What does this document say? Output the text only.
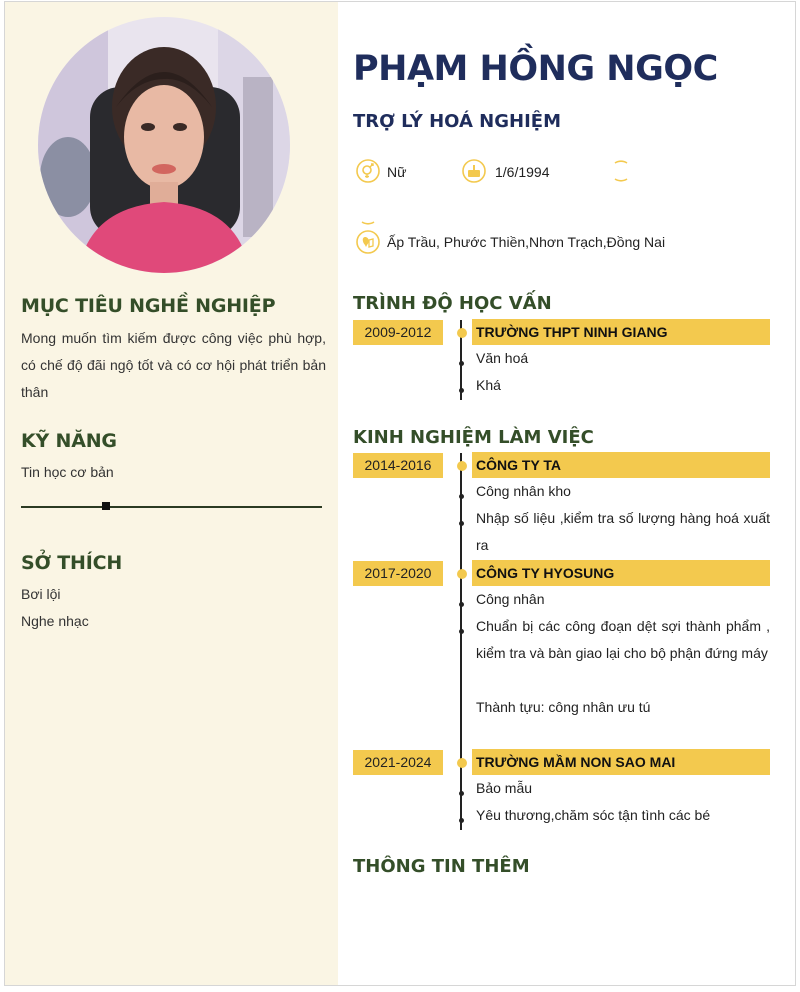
MỤC TIÊU NGHỀ NGHIỆP
Mong muốn tìm kiếm được công việc phù hợp, có chế độ đãi ngộ tốt và có cơ hội phát triển bản thân
KỸ NĂNG
Tin học cơ bản
SỞ THÍCH
Bơi lội
Nghe nhạc
PHẠM HỒNG NGỌC
TRỢ LÝ HOÁ NGHIỆM
Nữ	1/6/1994
Ấp Trầu, Phước Thiền,Nhơn Trạch,Đồng Nai
TRÌNH ĐỘ HỌC VẤN
2009-2012	TRƯỜNG THPT NINH GIANG
Văn hoá
Khá
KINH NGHIỆM LÀM VIỆC
2014-2016	CÔNG TY TA
Công nhân kho
Nhập số liệu ,kiểm tra số lượng hàng hoá xuất ra
2017-2020	CÔNG TY HYOSUNG
Công nhân
Chuẩn bị các công đoạn dệt sợi thành phẩm , kiểm tra và bàn giao lại cho bộ phận đứng máy
Thành tựu: công nhân ưu tú
2021-2024	TRƯỜNG MẦM NON SAO MAI
Bảo mẫu
Yêu thương,chăm sóc tận tình các bé
THÔNG TIN THÊM
